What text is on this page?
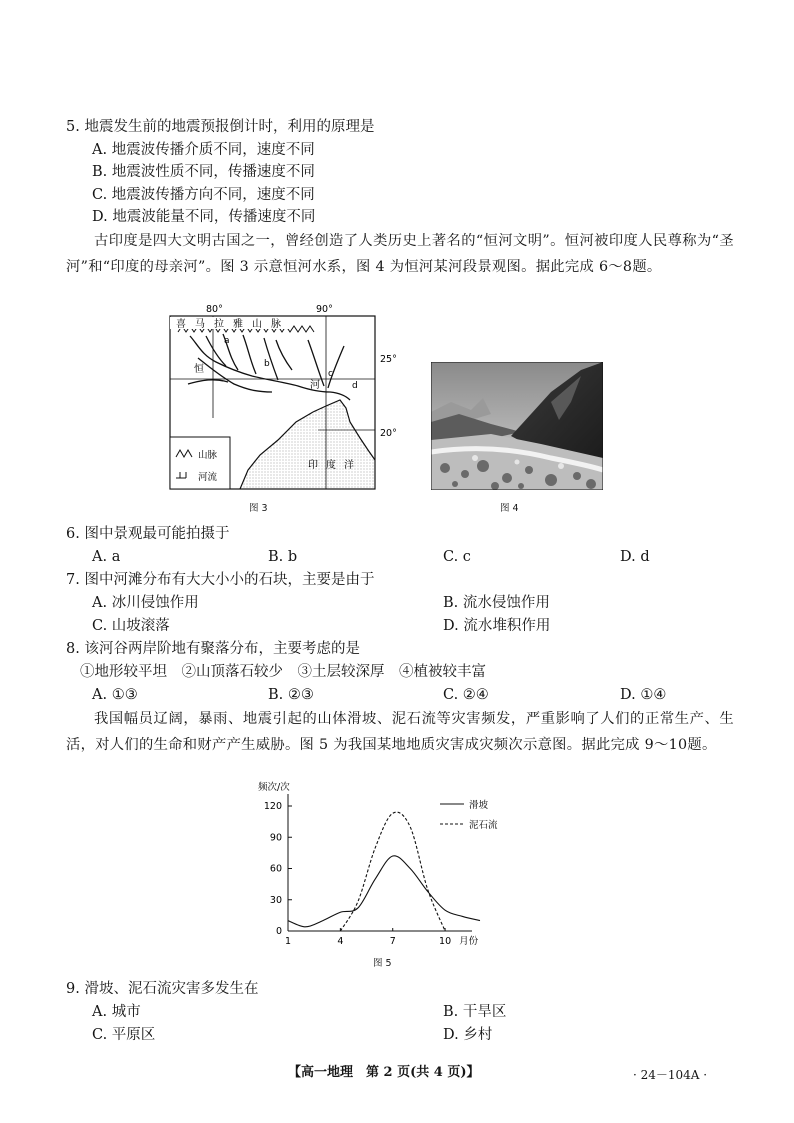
5. 地震发生前的地震预报倒计时，利用的原理是
A. 地震波传播介质不同，速度不同
B. 地震波性质不同，传播速度不同
C. 地震波传播方向不同，速度不同
D. 地震波能量不同，传播速度不同
古印度是四大文明古国之一，曾经创造了人类历史上著名的“恒河文明”。恒河被印度人民尊称为“圣河”和“印度的母亲河”。图 3 示意恒河水系，图 4 为恒河某河段景观图。据此完成 6～8题。
80°	90°
喜马拉雅山脉
a
b
c
d
恒
河
25°
20°
印度洋
山脉
河流
图 3	图 4
6. 图中景观最可能拍摄于
A. a	B. b	C. c	D. d
7. 图中河滩分布有大大小小的石块，主要是由于
A. 冰川侵蚀作用	B. 流水侵蚀作用
C. 山坡滚落	D. 流水堆积作用
8. 该河谷两岸阶地有聚落分布，主要考虑的是
①地形较平坦　②山顶落石较少　③土层较深厚　④植被较丰富
A. ①③	B. ②③	C. ②④	D. ①④
我国幅员辽阔，暴雨、地震引起的山体滑坡、泥石流等灾害频发，严重影响了人们的正常生产、生活，对人们的生命和财产产生威胁。图 5 为我国某地地质灾害成灾频次示意图。据此完成 9～10题。
频次/次
0
30
60
90
120
1	4	7	10 月份
滑坡
泥石流
图 5
9. 滑坡、泥石流灾害多发生在
A. 城市	B. 干旱区
C. 平原区	D. 乡村
【高一地理　第 2 页(共 4 页)】	· 24－104A ·
